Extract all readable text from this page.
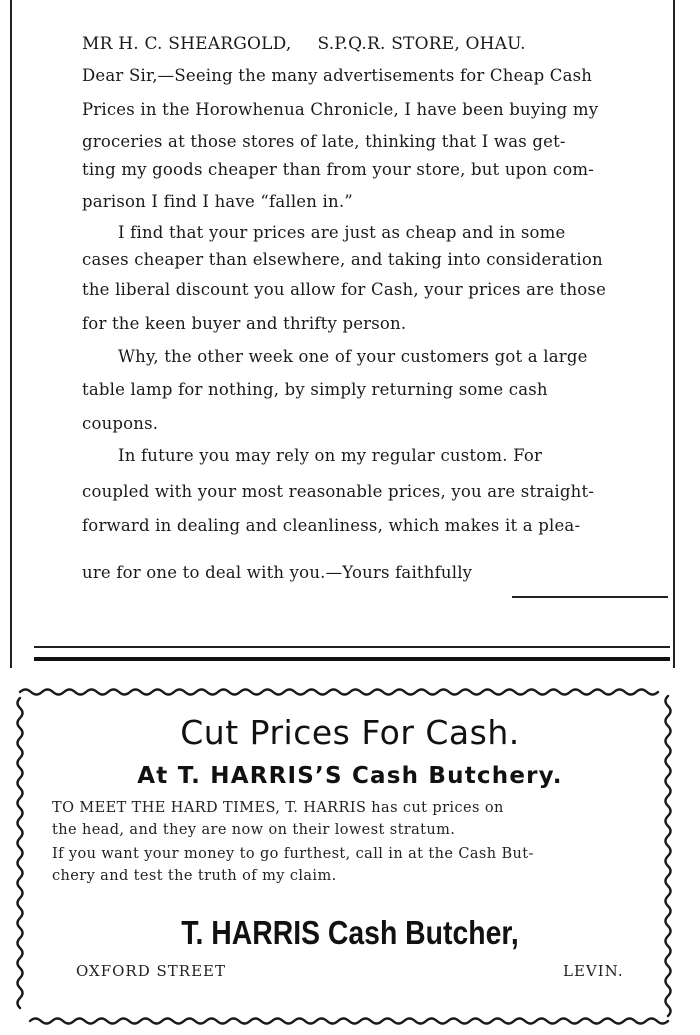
MR H. C. SHEARGOLD, S.P.Q.R. STORE, OHAU.
Dear Sir,—Seeing the many advertisements for Cheap Cash
Prices in the Horowhenua Chronicle, I have been buying my
groceries at those stores of late, thinking that I was get-
ting my goods cheaper than from your store, but upon com-
parison I find I have “fallen in.”
I find that your prices are just as cheap and in some
cases cheaper than elsewhere, and taking into consideration
the liberal discount you allow for Cash, your prices are those
for the keen buyer and thrifty person.
Why, the other week one of your customers got a large
table lamp for nothing, by simply returning some cash
coupons.
In future you may rely on my regular custom. For
coupled with your most reasonable prices, you are straight-
forward in dealing and cleanliness, which makes it a plea-
ure for one to deal with you.—Yours faithfully
Cut Prices For Cash.
At T. HARRIS’S Cash Butchery.
TO MEET THE HARD TIMES, T. HARRIS has cut prices on
the head, and they are now on their lowest stratum.
If you want your money to go furthest, call in at the Cash But-
chery and test the truth of my claim.
T. HARRIS Cash Butcher,
OXFORD STREET	LEVIN.
